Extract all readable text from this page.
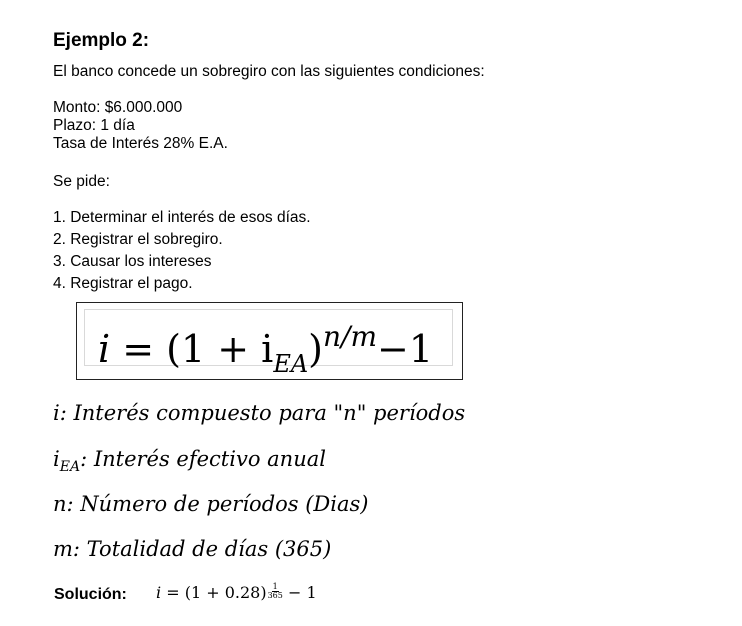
Ejemplo 2:
El banco concede un sobregiro con las siguientes condiciones:
Monto: $6.000.000
Plazo: 1 día
Tasa de Interés 28% E.A.
Se pide:
1. Determinar el interés de esos días.
2. Registrar el sobregiro.
3. Causar los intereses
4. Registrar el pago.
$i = (1 + i_{EA})^{n/m}-1$
i: Interés compuesto para "n" períodos
$i_{EA}$: Interés efectivo anual
n: Número de períodos (Dias)
m: Totalidad de días (365)
Solución: $i = (1 + 0.28) \frac{1}{365} - 1$
